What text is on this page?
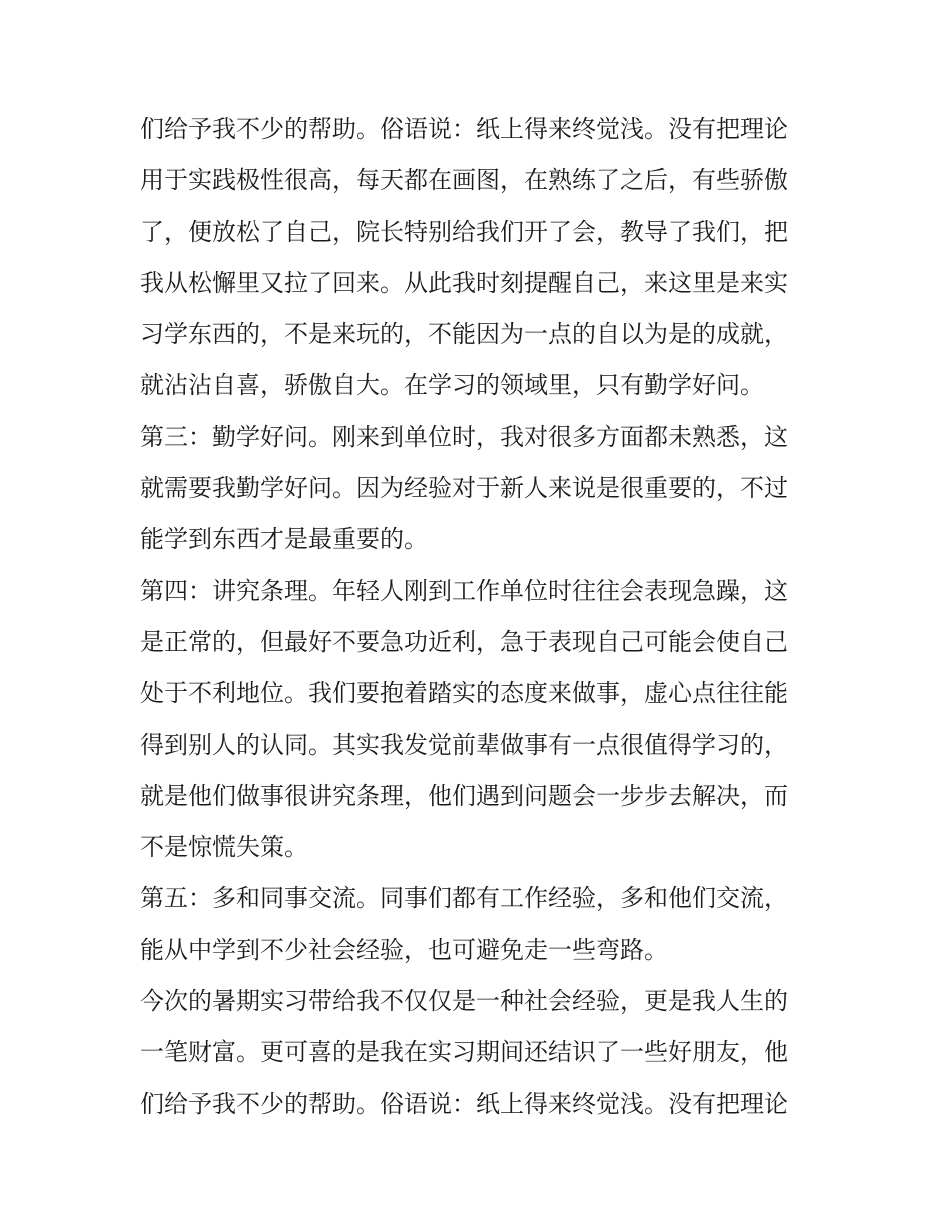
们给予我不少的帮助。俗语说：纸上得来终觉浅。没有把理论
用于实践极性很高，每天都在画图，在熟练了之后，有些骄傲
了，便放松了自己，院长特别给我们开了会，教导了我们，把
我从松懈里又拉了回来。从此我时刻提醒自己，来这里是来实
习学东西的，不是来玩的，不能因为一点的自以为是的成就，
就沾沾自喜，骄傲自大。在学习的领域里，只有勤学好问。
第三：勤学好问。刚来到单位时，我对很多方面都未熟悉，这
就需要我勤学好问。因为经验对于新人来说是很重要的，不过
能学到东西才是最重要的。
第四：讲究条理。年轻人刚到工作单位时往往会表现急躁，这
是正常的，但最好不要急功近利，急于表现自己可能会使自己
处于不利地位。我们要抱着踏实的态度来做事，虚心点往往能
得到别人的认同。其实我发觉前辈做事有一点很值得学习的，
就是他们做事很讲究条理，他们遇到问题会一步步去解决，而
不是惊慌失策。
第五：多和同事交流。同事们都有工作经验，多和他们交流，
能从中学到不少社会经验，也可避免走一些弯路。
今次的暑期实习带给我不仅仅是一种社会经验，更是我人生的
一笔财富。更可喜的是我在实习期间还结识了一些好朋友，他
们给予我不少的帮助。俗语说：纸上得来终觉浅。没有把理论
